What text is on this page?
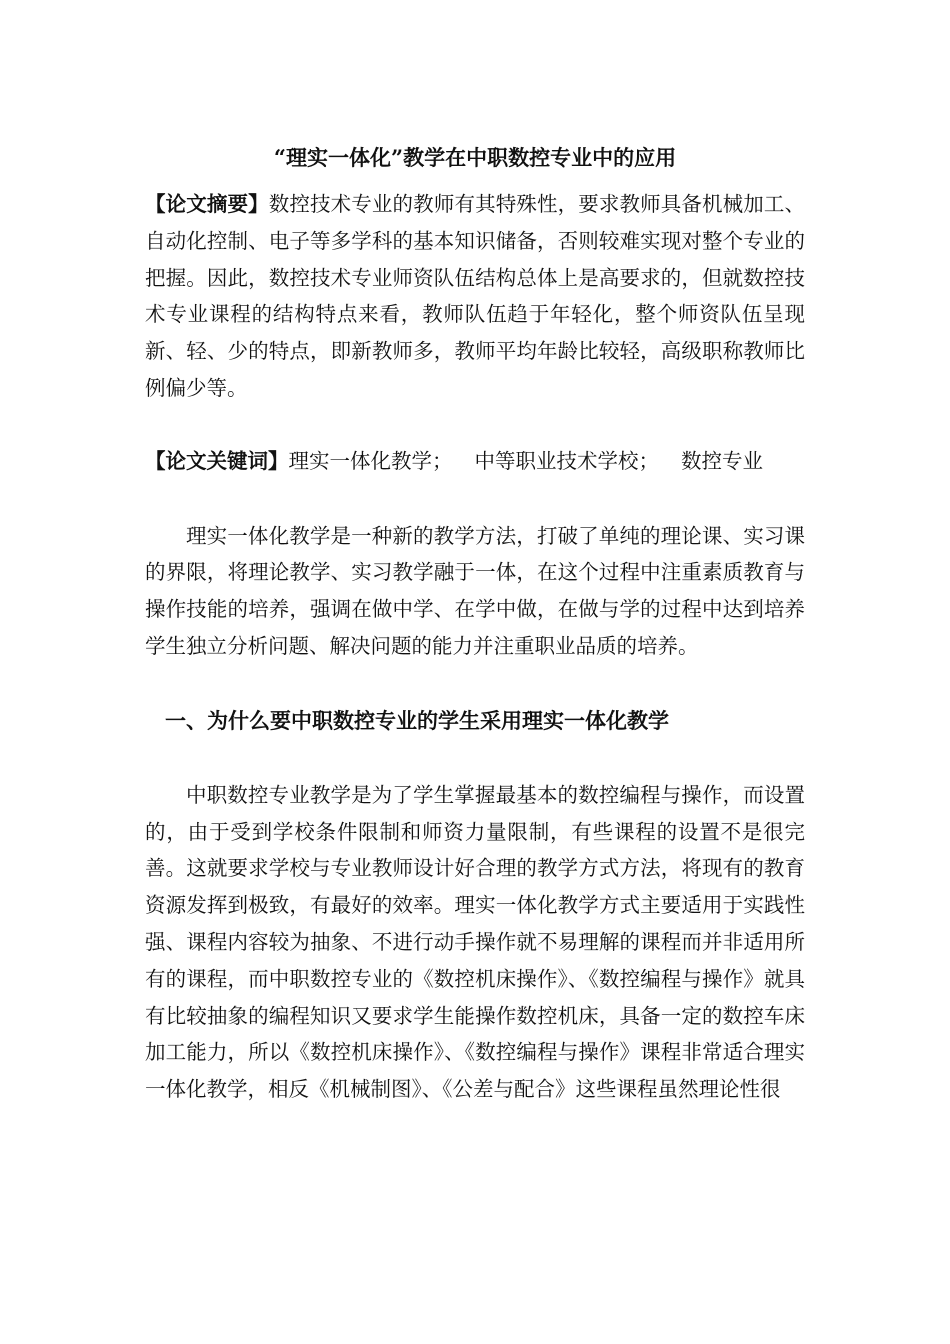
“理实一体化”教学在中职数控专业中的应用

【论文摘要】数控技术专业的教师有其特殊性，要求教师具备机械加工、自动化控制、电子等多学科的基本知识储备，否则较难实现对整个专业的把握。因此，数控技术专业师资队伍结构总体上是高要求的，但就数控技术专业课程的结构特点来看，教师队伍趋于年轻化，整个师资队伍呈现新、轻、少的特点，即新教师多，教师平均年龄比较轻，高级职称教师比例偏少等。

【论文关键词】理实一体化教学； 中等职业技术学校； 数控专业

理实一体化教学是一种新的教学方法，打破了单纯的理论课、实习课的界限，将理论教学、实习教学融于一体，在这个过程中注重素质教育与操作技能的培养，强调在做中学、在学中做，在做与学的过程中达到培养学生独立分析问题、解决问题的能力并注重职业品质的培养。

一、为什么要中职数控专业的学生采用理实一体化教学

中职数控专业教学是为了学生掌握最基本的数控编程与操作，而设置的，由于受到学校条件限制和师资力量限制，有些课程的设置不是很完善。这就要求学校与专业教师设计好合理的教学方式方法，将现有的教育资源发挥到极致，有最好的效率。理实一体化教学方式主要适用于实践性强、课程内容较为抽象、不进行动手操作就不易理解的课程而并非适用所有的课程，而中职数控专业的《数控机床操作》、《数控编程与操作》就具有比较抽象的编程知识又要求学生能操作数控机床，具备一定的数控车床加工能力，所以《数控机床操作》、《数控编程与操作》课程非常适合理实一体化教学，相反《机械制图》、《公差与配合》这些课程虽然理论性很
